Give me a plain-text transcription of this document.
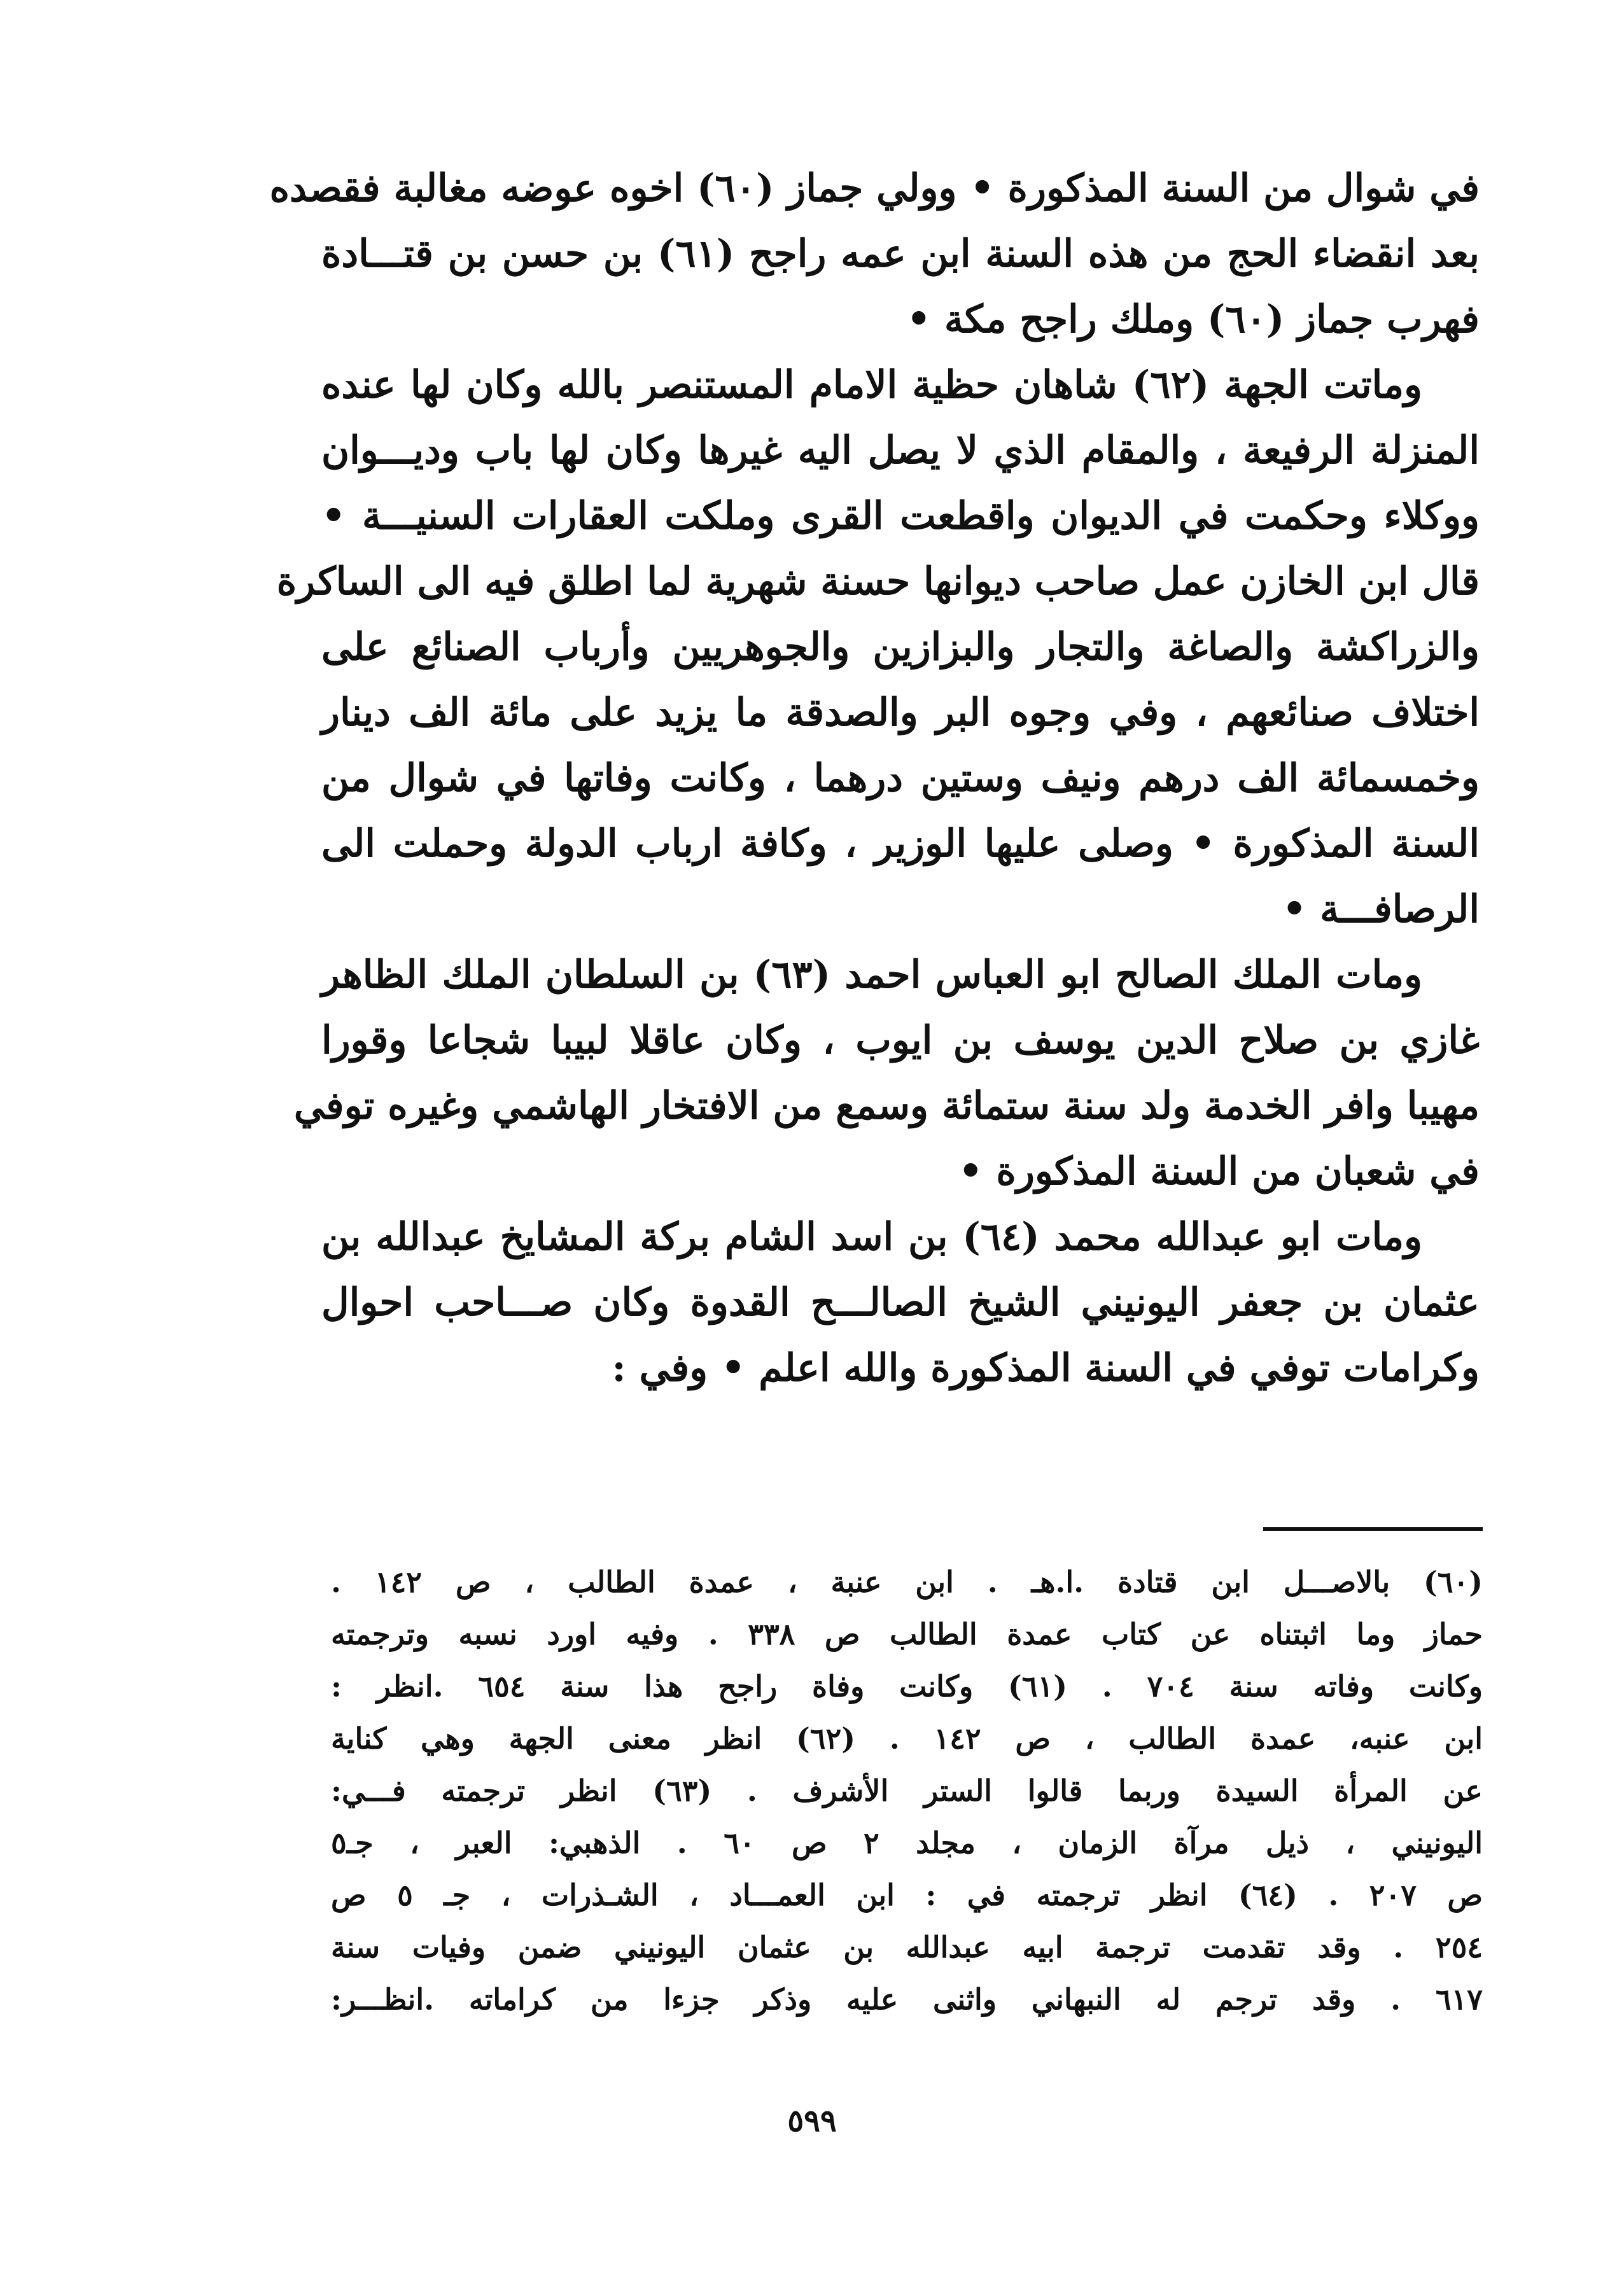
في شوال من السنة المذكورة • وولي جماز (٦٠) اخوه عوضه مغالبة فقصده
بعد انقضاء الحج من هذه السنة ابن عمه راجح (٦١) بن حسن بن قتـــادة
فهرب جماز (٦٠) وملك راجح مكة •
وماتت الجهة (٦٢) شاهان حظية الامام المستنصر بالله وكان لها عنده
المنزلة الرفيعة ، والمقام الذي لا يصل اليه غيرها وكان لها باب وديـــوان
ووكلاء وحكمت في الديوان واقطعت القرى وملكت العقارات السنيـــة •
قال ابن الخازن عمل صاحب ديوانها حسنة شهرية لما اطلق فيه الى الساكرة
والزراكشة والصاغة والتجار والبزازين والجوهريين وأرباب الصنائع على
اختلاف صنائعهم ، وفي وجوه البر والصدقة ما يزيد على مائة الف دينار
وخمسمائة الف درهم ونيف وستين درهما ، وكانت وفاتها في شوال من
السنة المذكورة • وصلى عليها الوزير ، وكافة ارباب الدولة وحملت الى
الرصافـــة •
ومات الملك الصالح ابو العباس احمد (٦٣) بن السلطان الملك الظاهر
غازي بن صلاح الدين يوسف بن ايوب ، وكان عاقلا لبيبا شجاعا وقورا
مهيبا وافر الخدمة ولد سنة ستمائة وسمع من الافتخار الهاشمي وغيره توفي
في شعبان من السنة المذكورة •
ومات ابو عبدالله محمد (٦٤) بن اسد الشام بركة المشايخ عبدالله بن
عثمان بن جعفر اليونيني الشيخ الصالـــح القدوة وكان صـــاحب احوال
وكرامات توفي في السنة المذكورة والله اعلم • وفي :
(٦٠) بالاصـــل ابن قتادة .ا.هـ . ابن عنبة ، عمدة الطالب ، ص ١٤٢ .
حماز وما اثبتناه عن كتاب عمدة الطالب ص ٣٣٨ . وفيه اورد نسبه وترجمته
وكانت وفاته سنة ٧٠٤ . (٦١) وكانت وفاة راجح هذا سنة ٦٥٤ .انظر :
ابن عنبه، عمدة الطالب ، ص ١٤٢ . (٦٢) انظر معنى الجهة وهي كناية
عن المرأة السيدة وربما قالوا الستر الأشرف . (٦٣) انظر ترجمته فـــي:
اليونيني ، ذيل مرآة الزمان ، مجلد ٢ ص ٦٠ . الذهبي: العبر ، جـ٥
ص ٢٠٧ . (٦٤) انظر ترجمته في : ابن العمـــاد ، الشـذرات ، جـ ٥ ص
٢٥٤ . وقد تقدمت ترجمة ابيه عبدالله بن عثمان اليونيني ضمن وفيات سنة
٦١٧ . وقد ترجم له النبهاني واثنى عليه وذكر جزءا من كراماته .انظـــر:
٥٩٩
